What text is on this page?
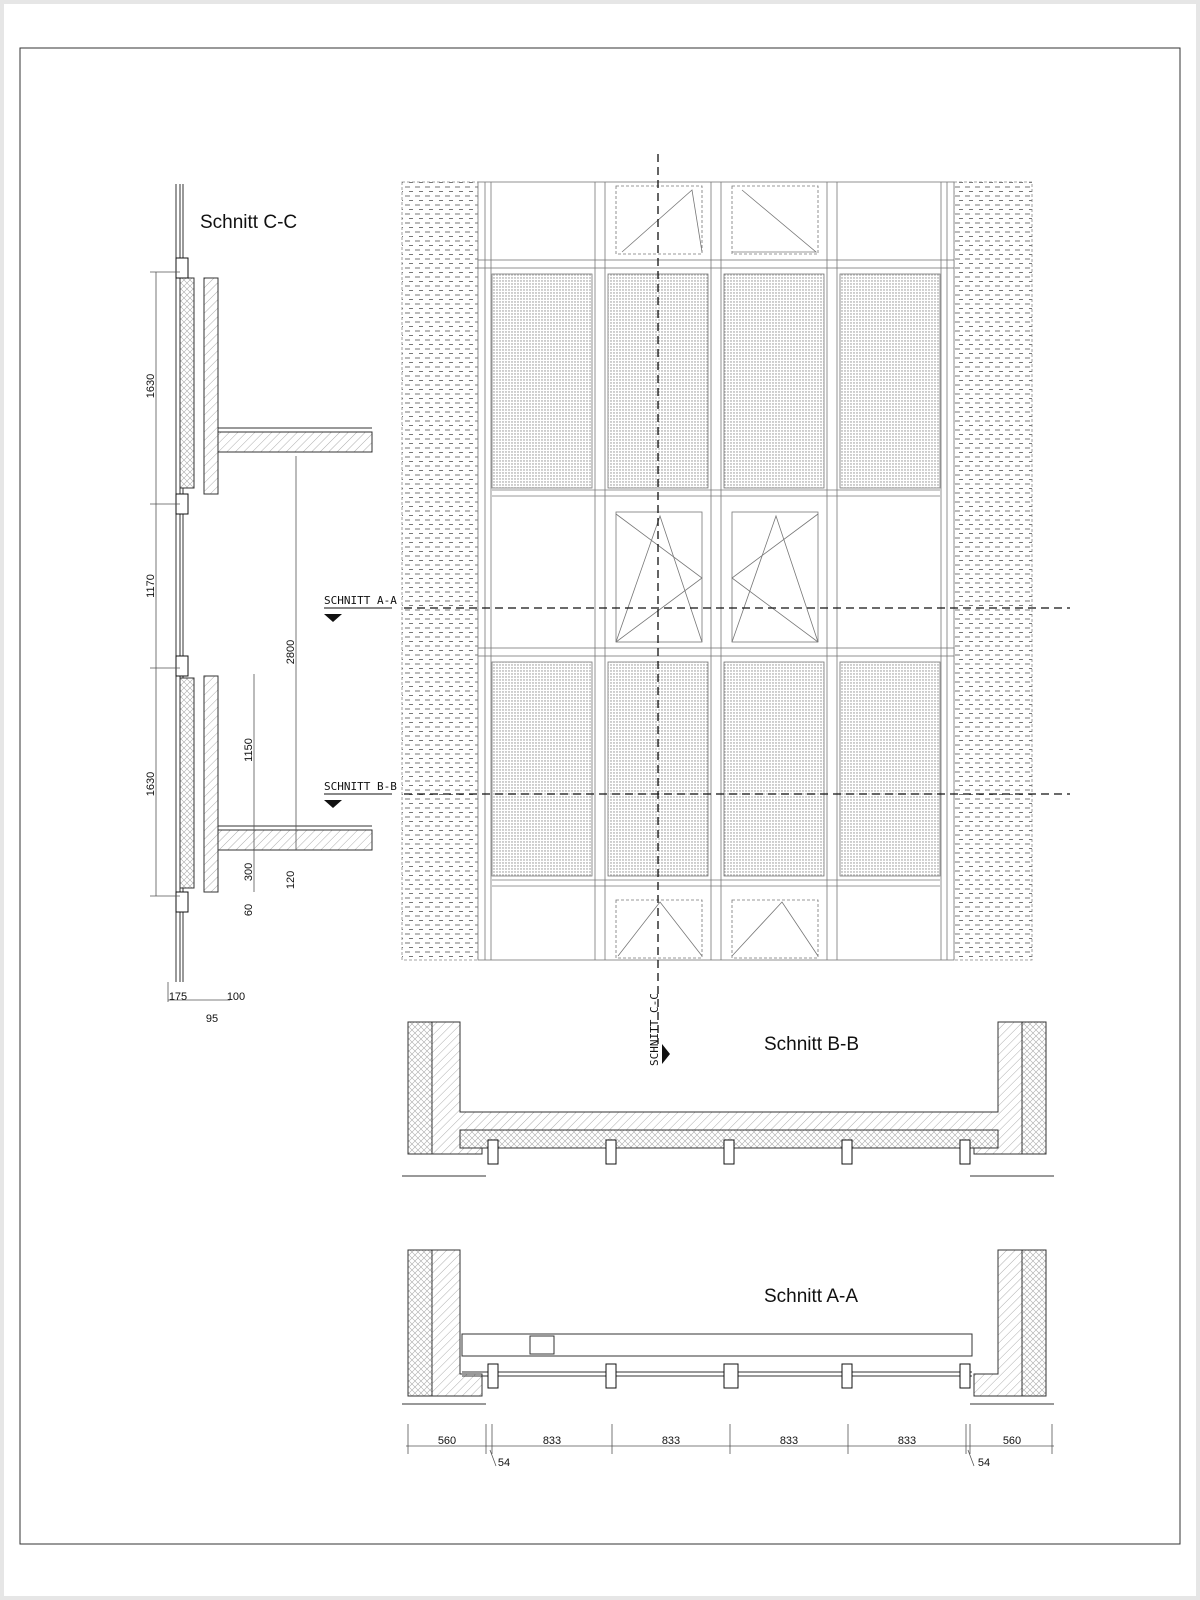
SCHNITT A-A
SCHNITT B-B
SCHNITT C-C
Schnitt C-C
1630
1170
1630
2800
1150
300	120
60
175
95
100
Schnitt B-B
Schnitt A-A
560	833	833	833	833	560
54	54
